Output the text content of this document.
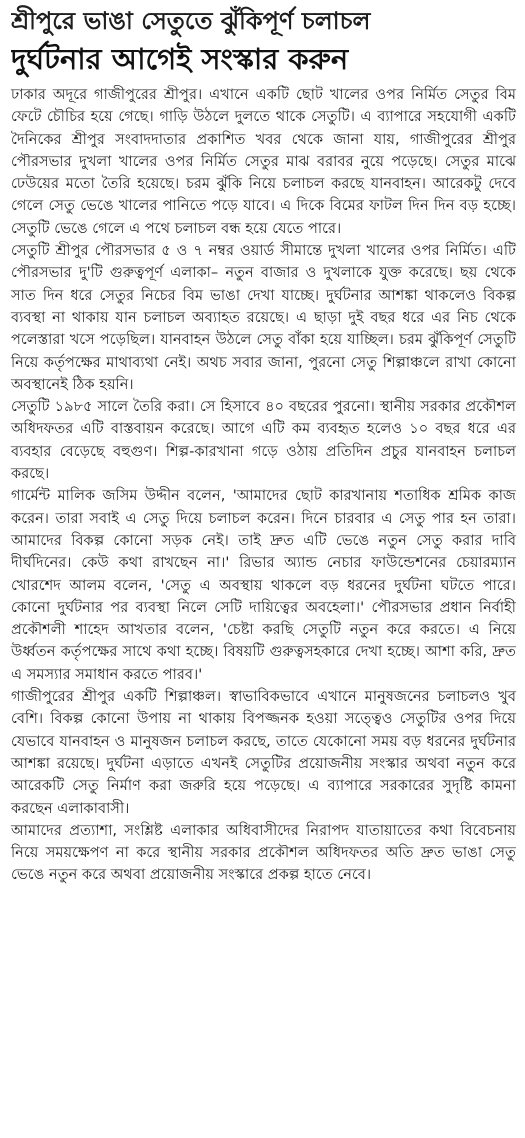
শ্রীপুরে ভাঙা সেতুতে ঝুঁকিপূর্ণ চলাচল
দুর্ঘটনার আগেই সংস্কার করুন

ঢাকার অদূরে গাজীপুরের শ্রীপুর। এখানে একটি ছোট খালের ওপর নির্মিত সেতুর বিম ফেটে চৌচির হয়ে গেছে। গাড়ি উঠলে দুলতে থাকে সেতুটি। এ ব্যাপারে সহযোগী একটি দৈনিকের শ্রীপুর সংবাদদাতার প্রকাশিত খবর থেকে জানা যায়, গাজীপুরের শ্রীপুর পৌরসভার দুখলা খালের ওপর নির্মিত সেতুর মাঝ বরাবর নুয়ে পড়েছে। সেতুর মাঝে ঢেউয়ের মতো তৈরি হয়েছে। চরম ঝুঁকি নিয়ে চলাচল করছে যানবাহন। আরেকটু দেবে গেলে সেতু ভেঙে খালের পানিতে পড়ে যাবে। এ দিকে বিমের ফাটল দিন দিন বড় হচ্ছে। সেতুটি ভেঙে গেলে এ পথে চলাচল বন্ধ হয়ে যেতে পারে।

সেতুটি শ্রীপুর পৌরসভার ৫ ও ৭ নম্বর ওয়ার্ড সীমান্তে দুখলা খালের ওপর নির্মিত। এটি পৌরসভার দু'টি গুরুত্বপূর্ণ এলাকা– নতুন বাজার ও দুখলাকে যুক্ত করেছে। ছয় থেকে সাত দিন ধরে সেতুর নিচের বিম ভাঙা দেখা যাচ্ছে। দুর্ঘটনার আশঙ্কা থাকলেও বিকল্প ব্যবস্থা না থাকায় যান চলাচল অব্যাহত রয়েছে। এ ছাড়া দুই বছর ধরে এর নিচ থেকে পলেস্তারা খসে পড়েছিল। যানবাহন উঠলে সেতু বাঁকা হয়ে যাচ্ছিল। চরম ঝুঁকিপূর্ণ সেতুটি নিয়ে কর্তৃপক্ষের মাথাব্যথা নেই। অথচ সবার জানা, পুরনো সেতু শিল্পাঞ্চলে রাখা কোনো অবস্থানেই ঠিক হয়নি।

সেতুটি ১৯৮৫ সালে তৈরি করা। সে হিসাবে ৪০ বছরের পুরনো। স্থানীয় সরকার প্রকৌশল অধিদফতর এটি বাস্তবায়ন করেছে। আগে এটি কম ব্যবহৃত হলেও ১০ বছর ধরে এর ব্যবহার বেড়েছে বহুগুণ। শিল্প-কারখানা গড়ে ওঠায় প্রতিদিন প্রচুর যানবাহন চলাচল করছে।

গার্মেন্ট মালিক জসিম উদ্দীন বলেন, 'আমাদের ছোট কারখানায় শতাধিক শ্রমিক কাজ করেন। তারা সবাই এ সেতু দিয়ে চলাচল করেন। দিনে চারবার এ সেতু পার হন তারা। আমাদের বিকল্প কোনো সড়ক নেই। তাই দ্রুত এটি ভেঙে নতুন সেতু করার দাবি দীর্ঘদিনের। কেউ কথা রাখছেন না।' রিভার অ্যান্ড নেচার ফাউন্ডেশনের চেয়ারম্যান খোরশেদ আলম বলেন, 'সেতু এ অবস্থায় থাকলে বড় ধরনের দুর্ঘটনা ঘটতে পারে। কোনো দুর্ঘটনার পর ব্যবস্থা নিলে সেটি দায়িত্বের অবহেলা।' পৌরসভার প্রধান নির্বাহী প্রকৌশলী শাহেদ আখতার বলেন, 'চেষ্টা করছি সেতুটি নতুন করে করতে। এ নিয়ে উর্ধ্বতন কর্তৃপক্ষের সাথে কথা হচ্ছে। বিষয়টি গুরুত্বসহকারে দেখা হচ্ছে। আশা করি, দ্রুত এ সমস্যার সমাধান করতে পারব।'

গাজীপুরের শ্রীপুর একটি শিল্পাঞ্চল। স্বাভাবিকভাবে এখানে মানুষজনের চলাচলও খুব বেশি। বিকল্প কোনো উপায় না থাকায় বিপজ্জনক হওয়া সত্ত্বেও সেতুটির ওপর দিয়ে যেভাবে যানবাহন ও মানুষজন চলাচল করছে, তাতে যেকোনো সময় বড় ধরনের দুর্ঘটনার আশঙ্কা রয়েছে। দুর্ঘটনা এড়াতে এখনই সেতুটির প্রয়োজনীয় সংস্কার অথবা নতুন করে আরেকটি সেতু নির্মাণ করা জরুরি হয়ে পড়েছে। এ ব্যাপারে সরকারের সুদৃষ্টি কামনা করছেন এলাকাবাসী।

আমাদের প্রত্যাশা, সংশ্লিষ্ট এলাকার অধিবাসীদের নিরাপদ যাতায়াতের কথা বিবেচনায় নিয়ে সময়ক্ষেপণ না করে স্থানীয় সরকার প্রকৌশল অধিদফতর অতি দ্রুত ভাঙা সেতু ভেঙে নতুন করে অথবা প্রয়োজনীয় সংস্কারে প্রকল্প হাতে নেবে।
